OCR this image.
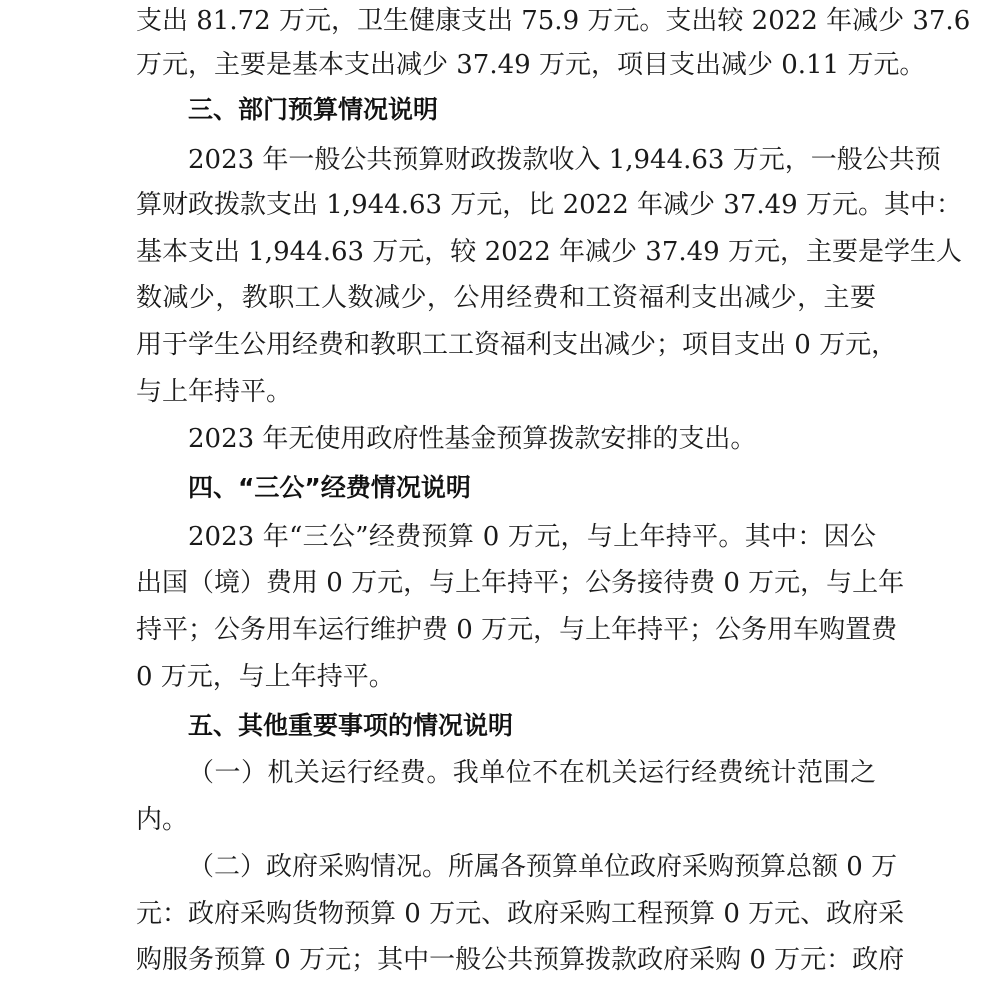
支出 81.72 万元，卫生健康支出 75.9 万元。支出较 2022 年减少 37.6
万元，主要是基本支出减少 37.49 万元，项目支出减少 0.11 万元。
三、部门预算情况说明
2023 年一般公共预算财政拨款收入 1,944.63 万元，一般公共预
算财政拨款支出 1,944.63 万元，比 2022 年减少 37.49 万元。其中：
基本支出 1,944.63 万元，较 2022 年减少 37.49 万元，主要是学生人
数减少，教职工人数减少，公用经费和工资福利支出减少，主要
用于学生公用经费和教职工工资福利支出减少；项目支出 0 万元，
与上年持平。
2023 年无使用政府性基金预算拨款安排的支出。
四、“三公”经费情况说明
2023 年“三公”经费预算 0 万元，与上年持平。其中：因公
出国（境）费用 0 万元，与上年持平；公务接待费 0 万元，与上年
持平；公务用车运行维护费 0 万元，与上年持平；公务用车购置费
0 万元，与上年持平。
五、其他重要事项的情况说明
（一）机关运行经费。我单位不在机关运行经费统计范围之
内。
（二）政府采购情况。所属各预算单位政府采购预算总额 0 万
元：政府采购货物预算 0 万元、政府采购工程预算 0 万元、政府采
购服务预算 0 万元；其中一般公共预算拨款政府采购 0 万元：政府
